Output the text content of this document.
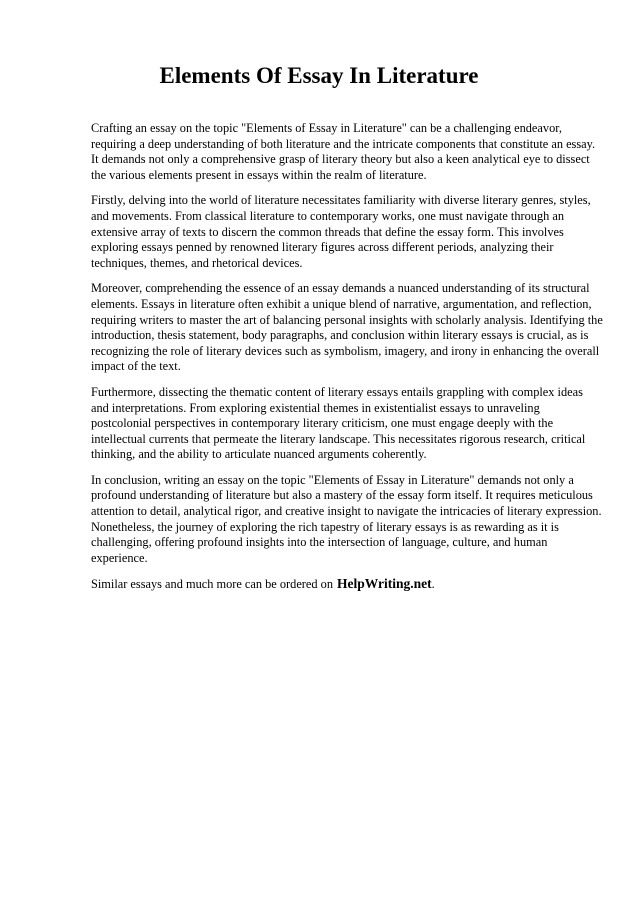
Elements Of Essay In Literature

Crafting an essay on the topic "Elements of Essay in Literature" can be a challenging endeavor, requiring a deep understanding of both literature and the intricate components that constitute an essay. It demands not only a comprehensive grasp of literary theory but also a keen analytical eye to dissect the various elements present in essays within the realm of literature.

Firstly, delving into the world of literature necessitates familiarity with diverse literary genres, styles, and movements. From classical literature to contemporary works, one must navigate through an extensive array of texts to discern the common threads that define the essay form. This involves exploring essays penned by renowned literary figures across different periods, analyzing their techniques, themes, and rhetorical devices.

Moreover, comprehending the essence of an essay demands a nuanced understanding of its structural elements. Essays in literature often exhibit a unique blend of narrative, argumentation, and reflection, requiring writers to master the art of balancing personal insights with scholarly analysis. Identifying the introduction, thesis statement, body paragraphs, and conclusion within literary essays is crucial, as is recognizing the role of literary devices such as symbolism, imagery, and irony in enhancing the overall impact of the text.

Furthermore, dissecting the thematic content of literary essays entails grappling with complex ideas and interpretations. From exploring existential themes in existentialist essays to unraveling postcolonial perspectives in contemporary literary criticism, one must engage deeply with the intellectual currents that permeate the literary landscape. This necessitates rigorous research, critical thinking, and the ability to articulate nuanced arguments coherently.

In conclusion, writing an essay on the topic "Elements of Essay in Literature" demands not only a profound understanding of literature but also a mastery of the essay form itself. It requires meticulous attention to detail, analytical rigor, and creative insight to navigate the intricacies of literary expression. Nonetheless, the journey of exploring the rich tapestry of literary essays is as rewarding as it is challenging, offering profound insights into the intersection of language, culture, and human experience.

Similar essays and much more can be ordered on HelpWriting.net.
